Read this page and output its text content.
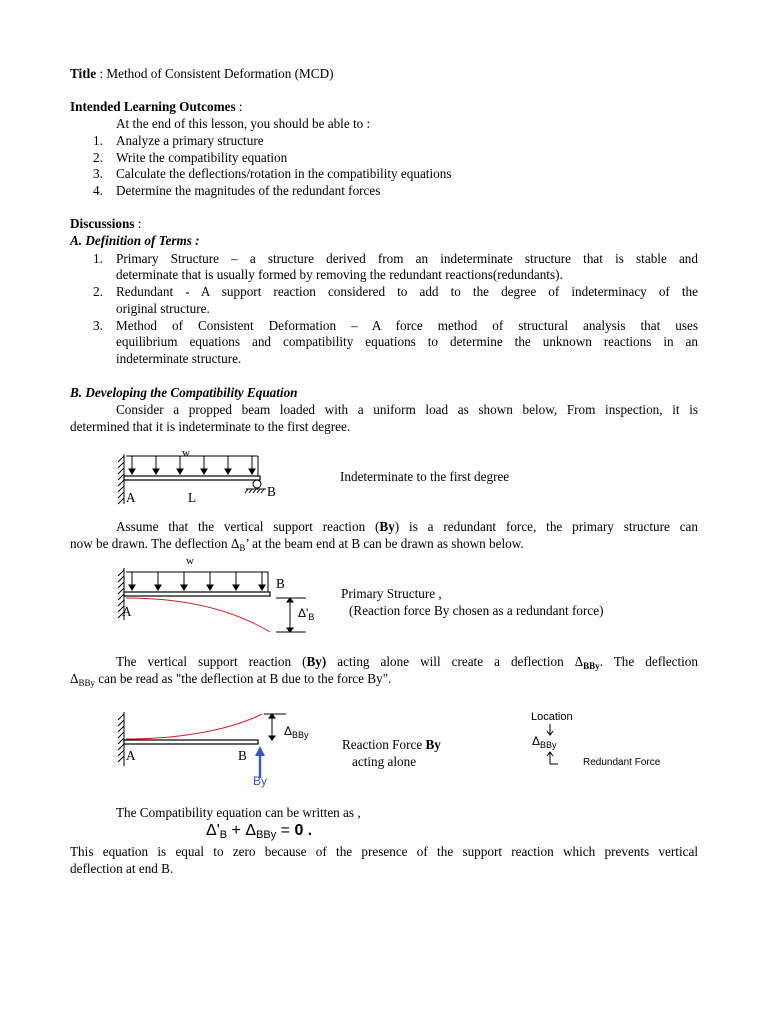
Title : Method of Consistent Deformation (MCD)
Intended Learning Outcomes :
At the end of this lesson, you should be able to :
1. Analyze a primary structure
2. Write the compatibility equation
3. Calculate the deflections/rotation in the compatibility equations
4. Determine the magnitudes of the redundant forces
Discussions :
A. Definition of Terms :
1. Primary Structure – a structure derived from an indeterminate structure that is stable and
determinate that is usually formed by removing the redundant reactions(redundants).
2. Redundant - A support reaction considered to add to the degree of indeterminacy of the
original structure.
3. Method of Consistent Deformation – A force method of structural analysis that uses
equilibrium equations and compatibility equations to determine the unknown reactions in an
indeterminate structure.
B. Developing the Compatibility Equation
Consider a propped beam loaded with a uniform load as shown below, From inspection, it is
determined that it is indeterminate to the first degree.
w
A	L	B
Indeterminate to the first degree
Assume that the vertical support reaction (By) is a redundant force, the primary structure can
now be drawn. The deflection $\Delta_B$’ at the beam end at B can be drawn as shown below.
w
B
A	$\Delta'_B$
Primary Structure ,
(Reaction force By chosen as a redundant force)
The vertical support reaction (By) acting alone will create a deflection $\Delta_{BBy}$. The deflection
$\Delta_{BBy}$ can be read as "the deflection at B due to the force By".
$\Delta_{BBy}$
A	B
By
Reaction Force By
acting alone
Location
$\Delta_{BBy}$
Redundant Force
The Compatibility equation can be written as ,
$\Delta'_B + \Delta_{BBy} = 0$ .
This equation is equal to zero because of the presence of the support reaction which prevents vertical
deflection at end B.
